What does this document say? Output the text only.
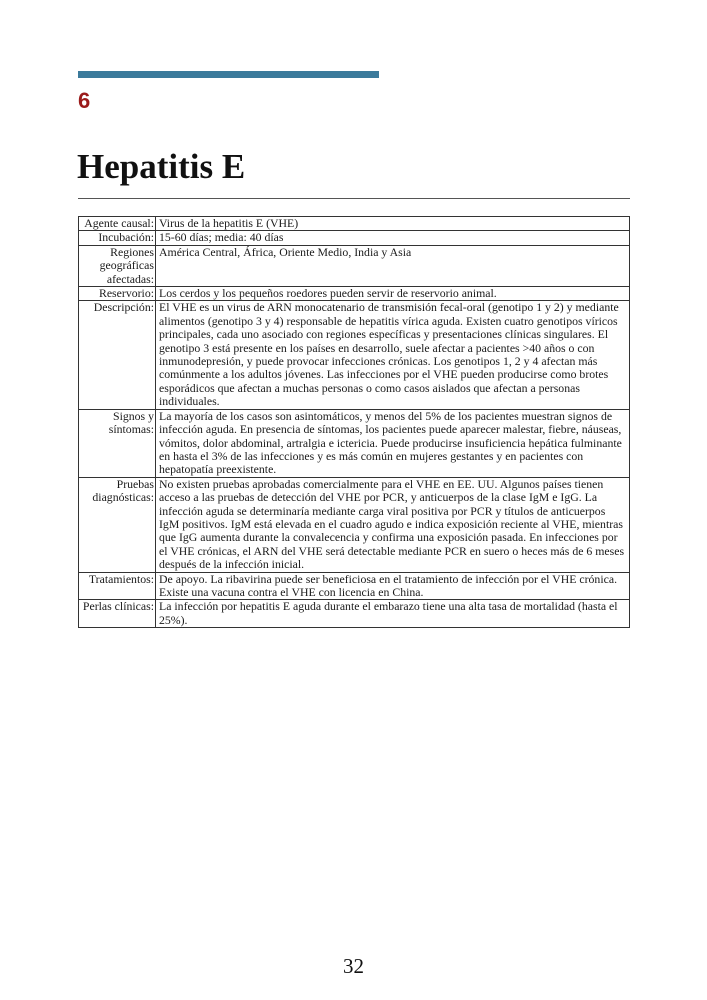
6
Hepatitis E
Agente causal:	Virus de la hepatitis E (VHE)
Incubación:	15-60 días; media: 40 días
Regiones geográficas afectadas:	América Central, África, Oriente Medio, India y Asia
Reservorio:	Los cerdos y los pequeños roedores pueden servir de reservorio animal.
Descripción:	El VHE es un virus de ARN monocatenario de transmisión fecal-oral (genotipo 1 y 2) y mediante alimentos (genotipo 3 y 4) responsable de hepatitis vírica aguda. Existen cuatro genotipos víricos principales, cada uno asociado con regiones específicas y presentaciones clínicas singulares. El genotipo 3 está presente en los países en desarrollo, suele afectar a pacientes >40 años o con inmunodepresión, y puede provocar infecciones crónicas. Los genotipos 1, 2 y 4 afectan más comúnmente a los adultos jóvenes. Las infecciones por el VHE pueden producirse como brotes esporádicos que afectan a muchas personas o como casos aislados que afectan a personas individuales.
Signos y síntomas:	La mayoría de los casos son asintomáticos, y menos del 5% de los pacientes muestran signos de infección aguda. En presencia de síntomas, los pacientes puede aparecer malestar, fiebre, náuseas, vómitos, dolor abdominal, artralgia e ictericia. Puede producirse insuficiencia hepática fulminante en hasta el 3% de las infecciones y es más común en mujeres gestantes y en pacientes con hepatopatía preexistente.
Pruebas diagnósticas:	No existen pruebas aprobadas comercialmente para el VHE en EE. UU. Algunos países tienen acceso a las pruebas de detección del VHE por PCR, y anticuerpos de la clase IgM e IgG. La infección aguda se determinaría mediante carga viral positiva por PCR y títulos de anticuerpos IgM positivos. IgM está elevada en el cuadro agudo e indica exposición reciente al VHE, mientras que IgG aumenta durante la convalecencia y confirma una exposición pasada. En infecciones por el VHE crónicas, el ARN del VHE será detectable mediante PCR en suero o heces más de 6 meses después de la infección inicial.
Tratamientos:	De apoyo. La ribavirina puede ser beneficiosa en el tratamiento de infección por el VHE crónica. Existe una vacuna contra el VHE con licencia en China.
Perlas clínicas:	La infección por hepatitis E aguda durante el embarazo tiene una alta tasa de mortalidad (hasta el 25%).
32
